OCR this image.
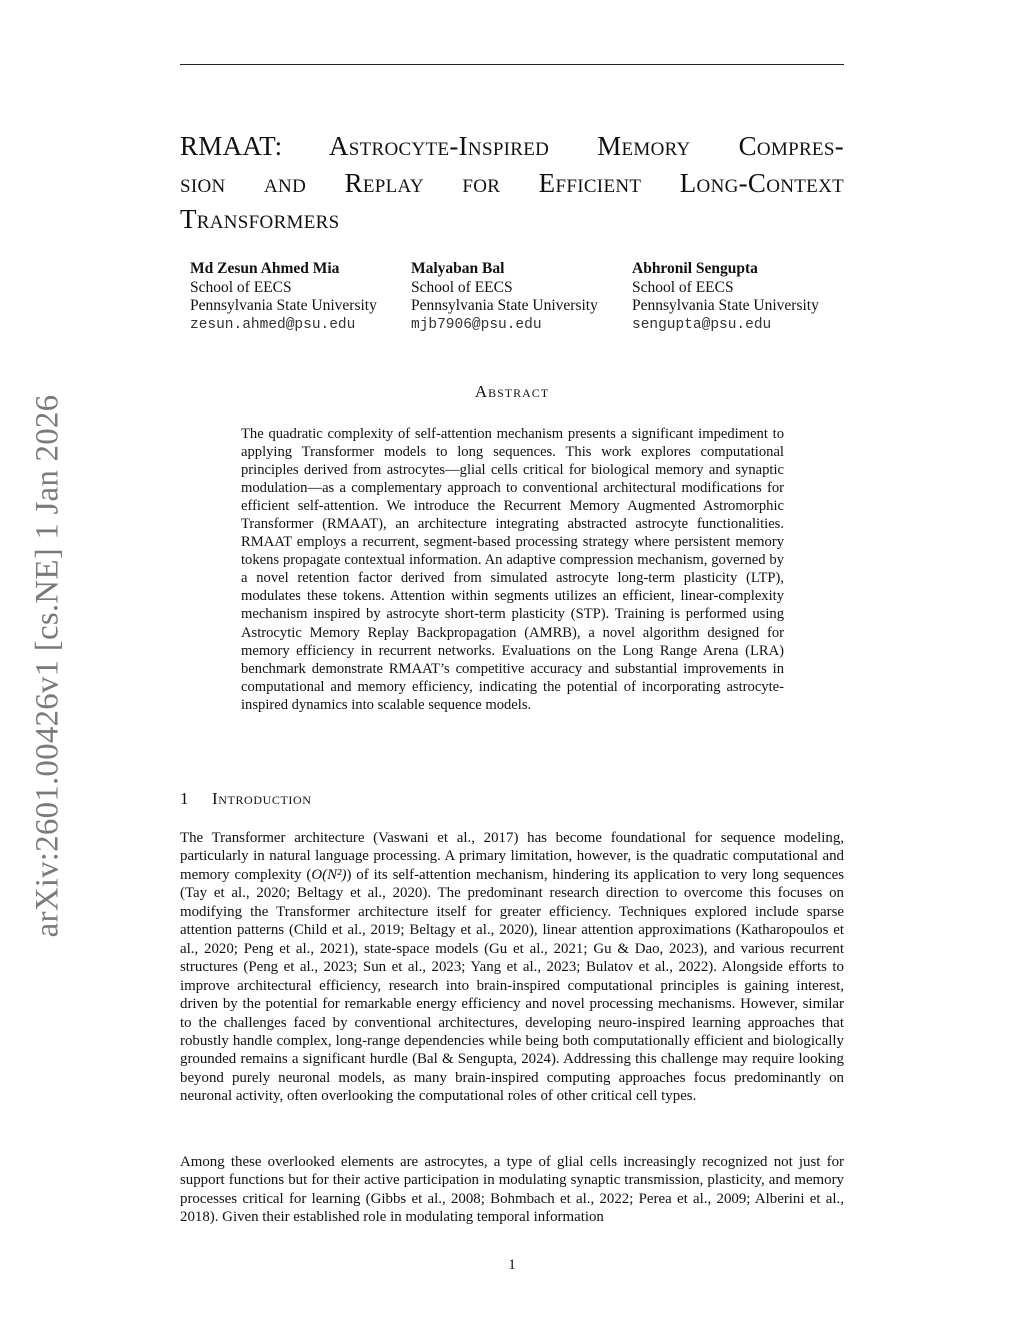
arXiv:2601.00426v1 [cs.NE] 1 Jan 2026
RMAAT: Astrocyte-Inspired Memory Compres-
sion and Replay for Efficient Long-Context
Transformers
Md Zesun Ahmed Mia
School of EECS
Pennsylvania State University
zesun.ahmed@psu.edu
Malyaban Bal
School of EECS
Pennsylvania State University
mjb7906@psu.edu
Abhronil Sengupta
School of EECS
Pennsylvania State University
sengupta@psu.edu
Abstract

The quadratic complexity of self-attention mechanism presents a significant impediment to applying Transformer models to long sequences. This work explores computational principles derived from astrocytes—glial cells critical for biological memory and synaptic modulation—as a complementary approach to conventional architectural modifications for efficient self-attention. We introduce the Recurrent Memory Augmented Astromorphic Transformer (RMAAT), an architecture integrating abstracted astrocyte functionalities. RMAAT employs a recurrent, segment-based processing strategy where persistent memory tokens propagate contextual information. An adaptive compression mechanism, governed by a novel retention factor derived from simulated astrocyte long-term plasticity (LTP), modulates these tokens. Attention within segments utilizes an efficient, linear-complexity mechanism inspired by astrocyte short-term plasticity (STP). Training is performed using Astrocytic Memory Replay Backpropagation (AMRB), a novel algorithm designed for memory efficiency in recurrent networks. Evaluations on the Long Range Arena (LRA) benchmark demonstrate RMAAT’s competitive accuracy and substantial improvements in computational and memory efficiency, indicating the potential of incorporating astrocyte-inspired dynamics into scalable sequence models.

1 Introduction

The Transformer architecture (Vaswani et al., 2017) has become foundational for sequence modeling, particularly in natural language processing. A primary limitation, however, is the quadratic computational and memory complexity (O(N²)) of its self-attention mechanism, hindering its application to very long sequences (Tay et al., 2020; Beltagy et al., 2020). The predominant research direction to overcome this focuses on modifying the Transformer architecture itself for greater efficiency. Techniques explored include sparse attention patterns (Child et al., 2019; Beltagy et al., 2020), linear attention approximations (Katharopoulos et al., 2020; Peng et al., 2021), state-space models (Gu et al., 2021; Gu & Dao, 2023), and various recurrent structures (Peng et al., 2023; Sun et al., 2023; Yang et al., 2023; Bulatov et al., 2022). Alongside efforts to improve architectural efficiency, research into brain-inspired computational principles is gaining interest, driven by the potential for remarkable energy efficiency and novel processing mechanisms. However, similar to the challenges faced by conventional architectures, developing neuro-inspired learning approaches that robustly handle complex, long-range dependencies while being both computationally efficient and biologically grounded remains a significant hurdle (Bal & Sengupta, 2024). Addressing this challenge may require looking beyond purely neuronal models, as many brain-inspired computing approaches focus predominantly on neuronal activity, often overlooking the computational roles of other critical cell types.

Among these overlooked elements are astrocytes, a type of glial cells increasingly recognized not just for support functions but for their active participation in modulating synaptic transmission, plasticity, and memory processes critical for learning (Gibbs et al., 2008; Bohmbach et al., 2022; Perea et al., 2009; Alberini et al., 2018). Given their established role in modulating temporal information

1
